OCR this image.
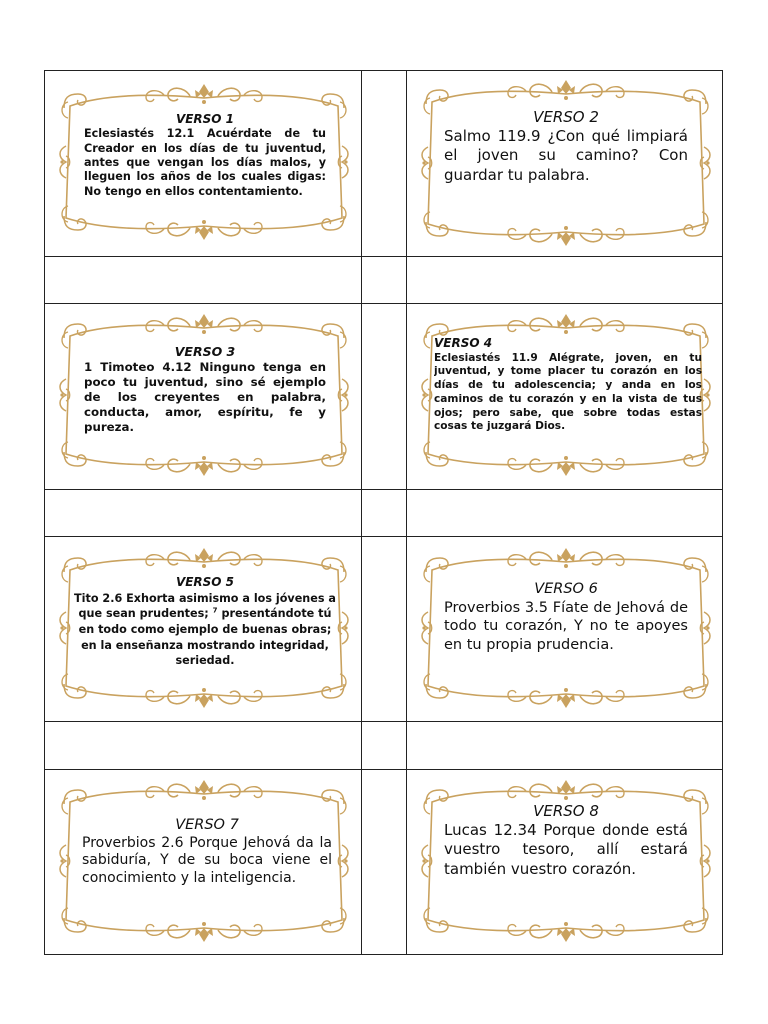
VERSO 1
Eclesiastés 12.1 Acuérdate de tu Creador en los días de tu juventud, antes que vengan los días malos, y lleguen los años de los cuales digas: No tengo en ellos contentamiento.
VERSO 2
Salmo 119.9 ¿Con qué limpiará el joven su camino? Con guardar tu palabra.
VERSO 3
1 Timoteo 4.12 Ninguno tenga en poco tu juventud, sino sé ejemplo de los creyentes en palabra, conducta, amor, espíritu, fe y pureza.
VERSO 4
Eclesiastés 11.9 Alégrate, joven, en tu juventud, y tome placer tu corazón en los días de tu adolescencia; y anda en los caminos de tu corazón y en la vista de tus ojos; pero sabe, que sobre todas estas cosas te juzgará Dios.
VERSO 5
Tito 2.6 Exhorta asimismo a los jóvenes a que sean prudentes; $^7$ presentándote tú en todo como ejemplo de buenas obras; en la enseñanza mostrando integridad, seriedad.
VERSO 6
Proverbios 3.5 Fíate de Jehová de todo tu corazón, Y no te apoyes en tu propia prudencia.
VERSO 7
Proverbios 2.6 Porque Jehová da la sabiduría, Y de su boca viene el conocimiento y la inteligencia.
VERSO 8
Lucas 12.34 Porque donde está vuestro tesoro, allí estará también vuestro corazón.
